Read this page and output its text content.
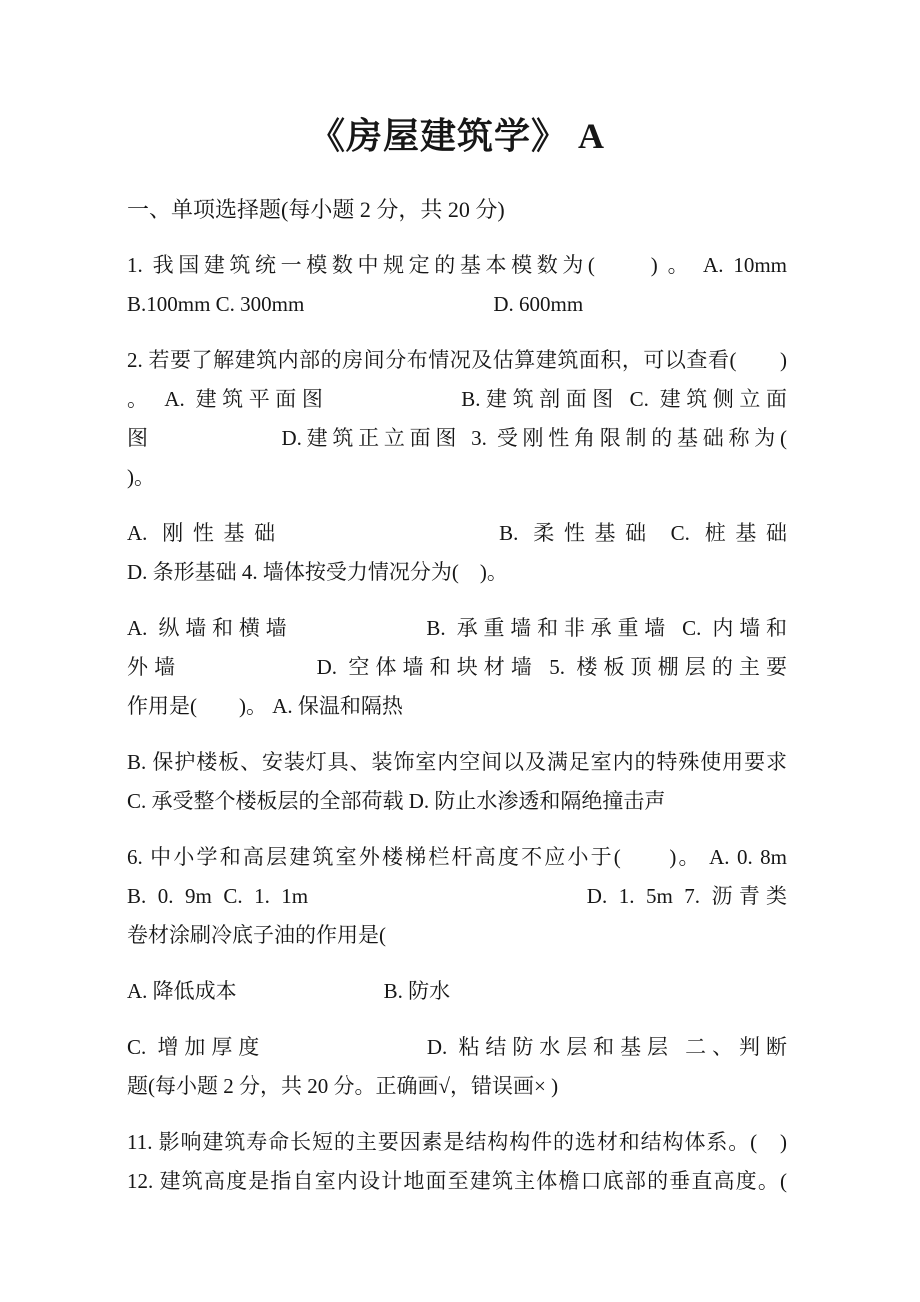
《房屋建筑学》 A
一、单项选择题(每小题 2 分，共 20 分)
1. 我国建筑统一模数中规定的基本模数为(　　) 。 A. 10mm
B.100mm C. 300mm　　　　　　　　　D. 600mm
2. 若要了解建筑内部的房间分布情况及估算建筑面积，可以查看(　　)
。 A. 建筑平面图　　　　　B.建筑剖面图 C. 建筑侧立面
图　　　　　D.建筑正立面图 3. 受刚性角限制的基础称为(
)。
A. 刚性基础　　　　　　　B. 柔性基础 C. 桩基础
D. 条形基础 4. 墙体按受力情况分为(　)。
A. 纵墙和横墙　　　　　B. 承重墙和非承重墙 C. 内墙和
外墙　　　　　D. 空体墙和块材墙 5. 楼板顶棚层的主要
作用是(　　)。 A. 保温和隔热
B. 保护楼板、安装灯具、装饰室内空间以及满足室内的特殊使用要求
C. 承受整个楼板层的全部荷载 D. 防止水渗透和隔绝撞击声
6. 中小学和高层建筑室外楼梯栏杆高度不应小于(　　)。 A. 0. 8m
B. 0. 9m C. 1. 1m　　　　　　　　　　D. 1. 5m 7. 沥青类
卷材涂刷冷底子油的作用是(
A. 降低成本　　　　　　　B. 防水
C. 增加厚度　　　　　　D. 粘结防水层和基层 二、判断
题(每小题 2 分，共 20 分。正确画√，错误画× )
11. 影响建筑寿命长短的主要因素是结构构件的选材和结构体系。(　)
12. 建筑高度是指自室内设计地面至建筑主体檐口底部的垂直高度。(
